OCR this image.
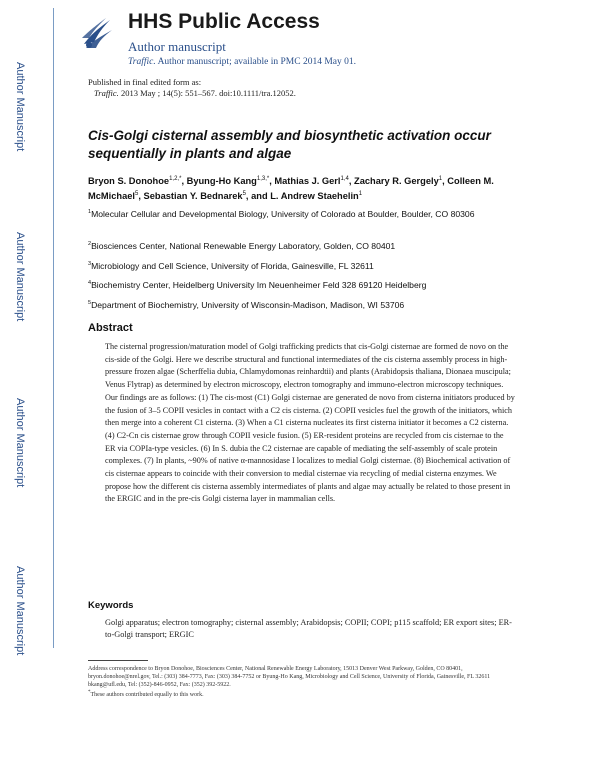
Author Manuscript
Author Manuscript
Author Manuscript
Author Manuscript
HHS Public Access
Author manuscript
Traffic. Author manuscript; available in PMC 2014 May 01.
Published in final edited form as:
Traffic. 2013 May ; 14(5): 551–567. doi:10.1111/tra.12052.
Cis-Golgi cisternal assembly and biosynthetic activation occur sequentially in plants and algae
Bryon S. Donohoe$^{1,2,*}$, Byung-Ho Kang$^{1,3,*}$, Mathias J. Gerl$^{1,4}$, Zachary R. Gergely$^1$, Colleen M. McMichael$^5$, Sebastian Y. Bednarek$^5$, and L. Andrew Staehelin$^1$
$^1$Molecular Cellular and Developmental Biology, University of Colorado at Boulder, Boulder, CO 80306
$^2$Biosciences Center, National Renewable Energy Laboratory, Golden, CO 80401
$^3$Microbiology and Cell Science, University of Florida, Gainesville, FL 32611
$^4$Biochemistry Center, Heidelberg University Im Neuenheimer Feld 328 69120 Heidelberg
$^5$Department of Biochemistry, University of Wisconsin-Madison, Madison, WI 53706
Abstract
The cisternal progression/maturation model of Golgi trafficking predicts that cis-Golgi cisternae are formed de novo on the cis-side of the Golgi. Here we describe structural and functional intermediates of the cis cisterna assembly process in high-pressure frozen algae (Scherffelia dubia, Chlamydomonas reinhardtii) and plants (Arabidopsis thaliana, Dionaea muscipula; Venus Flytrap) as determined by electron microscopy, electron tomography and immuno-electron microscopy techniques. Our findings are as follows: (1) The cis-most (C1) Golgi cisternae are generated de novo from cisterna initiators produced by the fusion of 3–5 COPII vesicles in contact with a C2 cis cisterna. (2) COPII vesicles fuel the growth of the initiators, which then merge into a coherent C1 cisterna. (3) When a C1 cisterna nucleates its first cisterna initiator it becomes a C2 cisterna. (4) C2-Cn cis cisternae grow through COPII vesicle fusion. (5) ER-resident proteins are recycled from cis cisternae to the ER via COPIa-type vesicles. (6) In S. dubia the C2 cisternae are capable of mediating the self-assembly of scale protein complexes. (7) In plants, ~90% of native α-mannosidase I localizes to medial Golgi cisternae. (8) Biochemical activation of cis cisternae appears to coincide with their conversion to medial cisternae via recycling of medial cisterna enzymes. We propose how the different cis cisterna assembly intermediates of plants and algae may actually be related to those present in the ERGIC and in the pre-cis Golgi cisterna layer in mammalian cells.
Keywords
Golgi apparatus; electron tomography; cisternal assembly; Arabidopsis; COPII; COPI; p115 scaffold; ER export sites; ER-to-Golgi transport; ERGIC
Address correspondence to Bryon Donohoe, Biosciences Center, National Renewable Energy Laboratory, 15013 Denver West Parkway, Golden, CO 80401, bryon.donohoe@nrel.gov, Tel.: (303) 384-7773, Fax: (303) 384-7752 or Byung-Ho Kang, Microbiology and Cell Science, University of Florida, Gainesville, FL 32611 bkang@ufl.edu, Tel: (352)-846-0952, Fax: (352) 392-5922.
*These authors contributed equally to this work.
